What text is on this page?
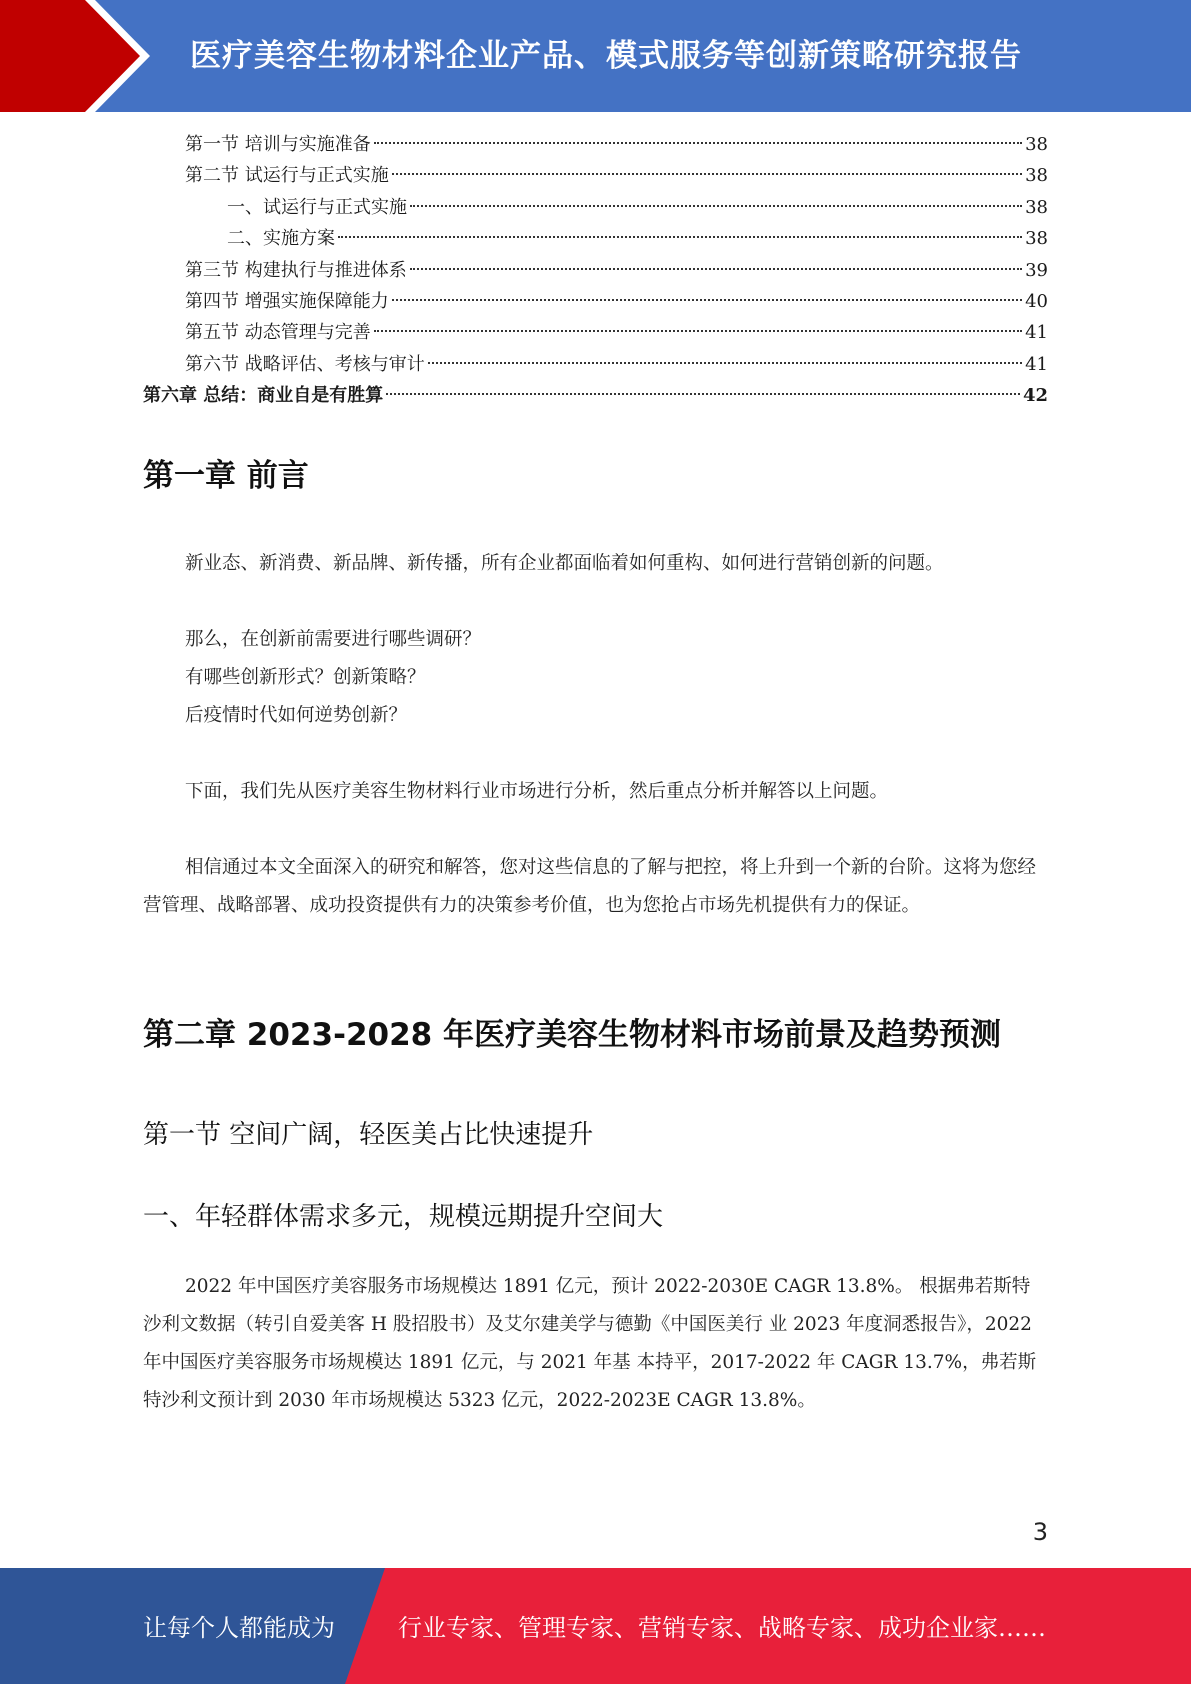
医疗美容生物材料企业产品、模式服务等创新策略研究报告
第一节 培训与实施准备	38
第二节 试运行与正式实施	38
一、试运行与正式实施	38
二、实施方案	38
第三节 构建执行与推进体系	39
第四节 增强实施保障能力	40
第五节 动态管理与完善	41
第六节 战略评估、考核与审计	41
第六章 总结：商业自是有胜算	42
第一章 前言

新业态、新消费、新品牌、新传播，所有企业都面临着如何重构、如何进行营销创新的问题。

那么，在创新前需要进行哪些调研？

有哪些创新形式？创新策略？

后疫情时代如何逆势创新？

下面，我们先从医疗美容生物材料行业市场进行分析，然后重点分析并解答以上问题。

相信通过本文全面深入的研究和解答，您对这些信息的了解与把控，将上升到一个新的台阶。这将为您经营管理、战略部署、成功投资提供有力的决策参考价值，也为您抢占市场先机提供有力的保证。

第二章 2023-2028 年医疗美容生物材料市场前景及趋势预测
第一节 空间广阔，轻医美占比快速提升
一、年轻群体需求多元，规模远期提升空间大

2022 年中国医疗美容服务市场规模达 1891 亿元，预计 2022-2030E CAGR 13.8%。 根据弗若斯特沙利文数据（转引自爱美客 H 股招股书）及艾尔建美学与德勤《中国医美行 业 2023 年度洞悉报告》，2022 年中国医疗美容服务市场规模达 1891 亿元，与 2021 年基 本持平，2017-2022 年 CAGR 13.7%，弗若斯特沙利文预计到 2030 年市场规模达 5323 亿元，2022-2023E CAGR 13.8%。

3
让每个人都能成为	行业专家、管理专家、营销专家、战略专家、成功企业家……
